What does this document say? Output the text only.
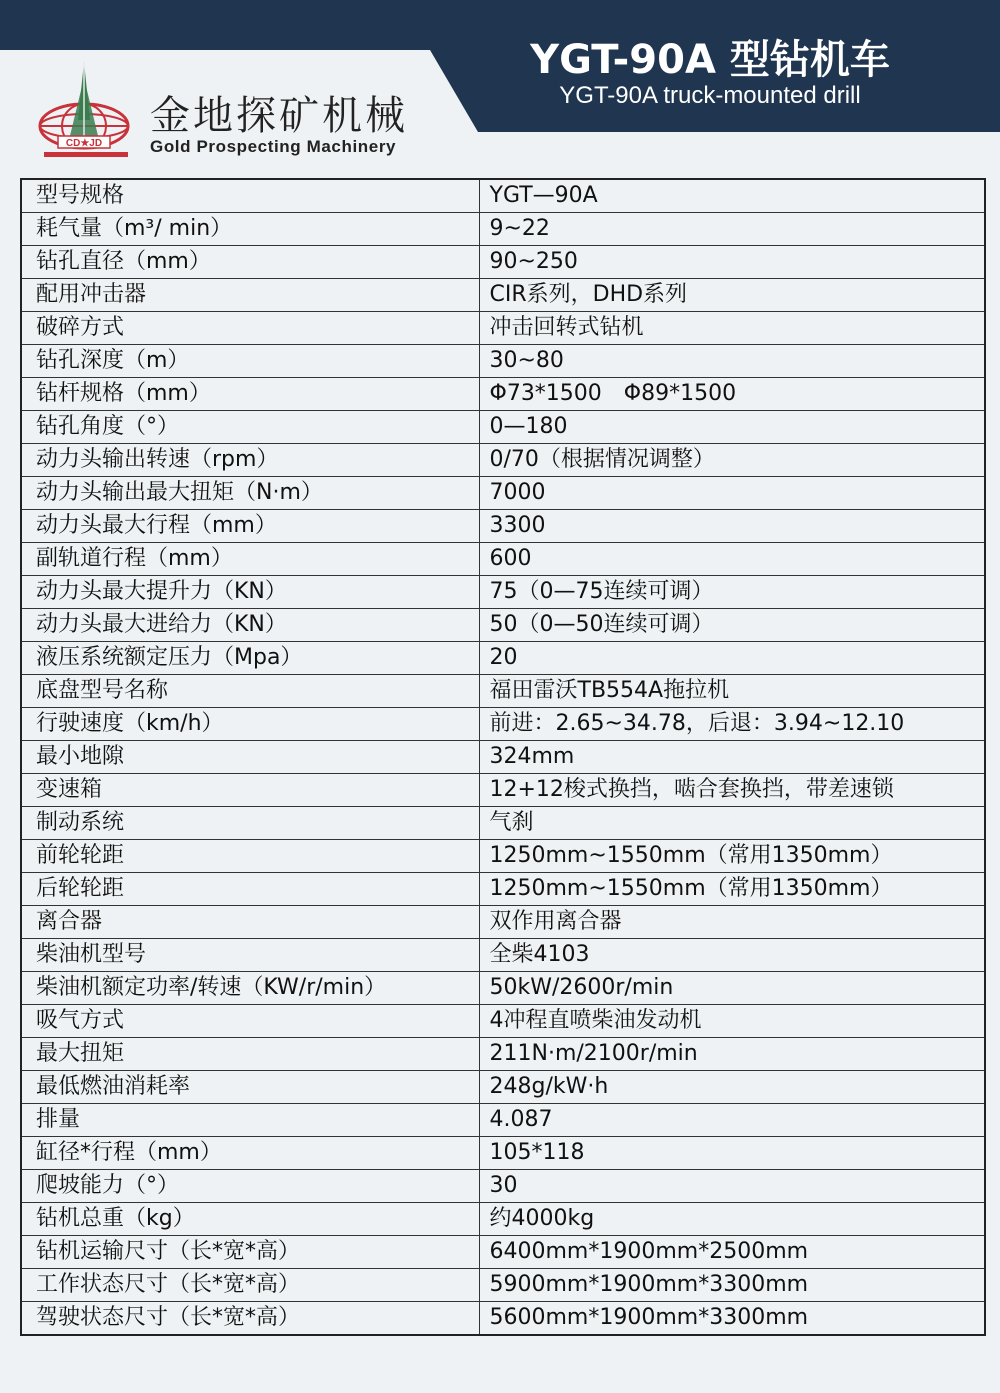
CD★JD
金地探矿机械
Gold Prospecting Machinery
YGT-90A 型钻机车
YGT-90A truck-mounted drill
型号规格	YGT—90A
耗气量（m³/ min）	9~22
钻孔直径（mm）	90~250
配用冲击器	CIR系列，DHD系列
破碎方式	冲击回转式钻机
钻孔深度（m）	30~80
钻杆规格（mm）	Φ73*1500　Φ89*1500
钻孔角度（°）	0—180
动力头输出转速（rpm）	0/70（根据情况调整）
动力头输出最大扭矩（N·m）	7000
动力头最大行程（mm）	3300
副轨道行程（mm）	600
动力头最大提升力（KN）	75（0—75连续可调）
动力头最大进给力（KN）	50（0—50连续可调）
液压系统额定压力（Mpa）	20
底盘型号名称	福田雷沃TB554A拖拉机
行驶速度（km/h）	前进：2.65~34.78，后退：3.94~12.10
最小地隙	324mm
变速箱	12+12梭式换挡，啮合套换挡，带差速锁
制动系统	气刹
前轮轮距	1250mm~1550mm（常用1350mm）
后轮轮距	1250mm~1550mm（常用1350mm）
离合器	双作用离合器
柴油机型号	全柴4103
柴油机额定功率/转速（KW/r/min）	50kW/2600r/min
吸气方式	4冲程直喷柴油发动机
最大扭矩	211N·m/2100r/min
最低燃油消耗率	248g/kW·h
排量	4.087
缸径*行程（mm）	105*118
爬坡能力（°）	30
钻机总重（kg）	约4000kg
钻机运输尺寸（长*宽*高）	6400mm*1900mm*2500mm
工作状态尺寸（长*宽*高）	5900mm*1900mm*3300mm
驾驶状态尺寸（长*宽*高）	5600mm*1900mm*3300mm
